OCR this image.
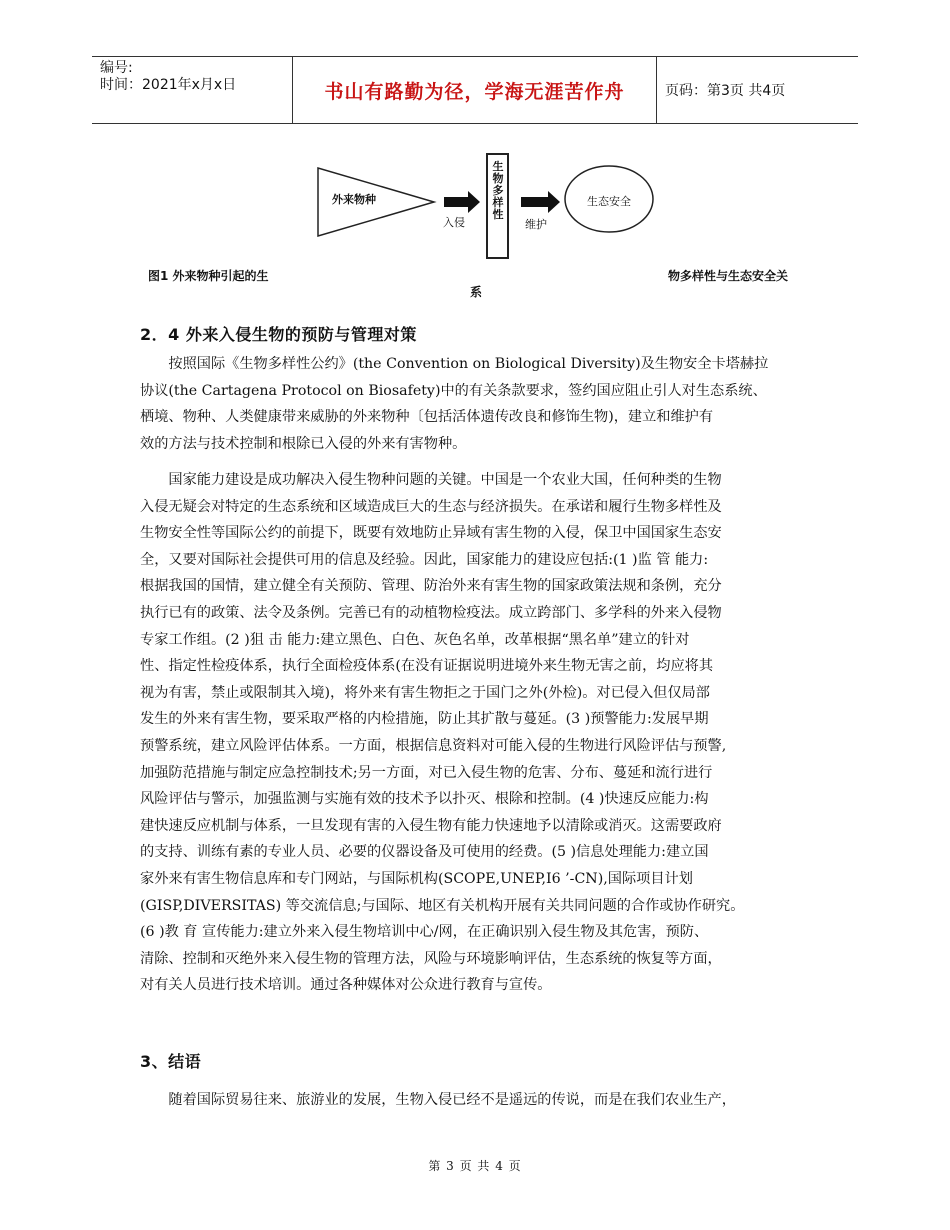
编号:
时间：2021年x月x日	书山有路勤为径，学海无涯苦作舟	页码：第3页 共4页
外来物种
入侵
生
物
多
样
性
维护
生态安全
图1 外来物种引起的生	物多样性与生态安全关
系
2．4 外来入侵生物的预防与管理对策
　　按照国际《生物多样性公约》(the Convention on Biological Diversity)及生物安全卡塔赫拉
协议(the Cartagena Protocol on Biosafety)中的有关条款要求，签约国应阻止引人对生态系统、
栖境、物种、人类健康带来威胁的外来物种〔包括活体遗传改良和修饰生物)，建立和维护有
效的方法与技术控制和根除已入侵的外来有害物种。
　　国家能力建设是成功解决入侵生物种问题的关键。中国是一个农业大国，任何种类的生物
入侵无疑会对特定的生态系统和区域造成巨大的生态与经济损失。在承诺和履行生物多样性及
生物安全性等国际公约的前提下，既要有效地防止异域有害生物的入侵，保卫中国国家生态安
全，又要对国际社会提供可用的信息及经验。因此，国家能力的建设应包括:(1 )监 管 能力:
根据我国的国情，建立健全有关预防、管理、防治外来有害生物的国家政策法规和条例，充分
执行已有的政策、法令及条例。完善已有的动植物检疫法。成立跨部门、多学科的外来入侵物
专家工作组。(2 )狙 击 能力:建立黑色、白色、灰色名单，改革根据“黑名单”建立的针对
性、指定性检疫体系，执行全面检疫体系(在没有证据说明进境外来生物无害之前，均应将其
视为有害，禁止或限制其入境)，将外来有害生物拒之于国门之外(外检)。对已侵入但仅局部
发生的外来有害生物，要采取严格的内检措施，防止其扩散与蔓延。(3 )预警能力:发展早期
预警系统，建立风险评估体系。一方面，根据信息资料对可能入侵的生物进行风险评估与预警,
加强防范措施与制定应急控制技术;另一方面，对已入侵生物的危害、分布、蔓延和流行进行
风险评估与警示，加强监测与实施有效的技术予以扑灭、根除和控制。(4 )快速反应能力:构
建快速反应机制与体系，一旦发现有害的入侵生物有能力快速地予以清除或消灭。这需要政府
的支持、训练有素的专业人员、必要的仪器设备及可使用的经费。(5 )信息处理能力:建立国
家外来有害生物信息库和专门网站，与国际机构(SCOPE,UNEP,I6 ’-CN),国际项目计划
(GISP,DIVERSITAS) 等交流信息;与国际、地区有关机构开展有关共同问题的合作或协作研究。
(6 )教 育 宣传能力:建立外来入侵生物培训中心/网，在正确识别入侵生物及其危害，预防、
清除、控制和灭绝外来入侵生物的管理方法，风险与环境影响评估，生态系统的恢复等方面，
对有关人员进行技术培训。通过各种媒体对公众进行教育与宣传。
3、结语
　　随着国际贸易往来、旅游业的发展，生物入侵已经不是遥远的传说，而是在我们农业生产，
第 3 页 共 4 页
